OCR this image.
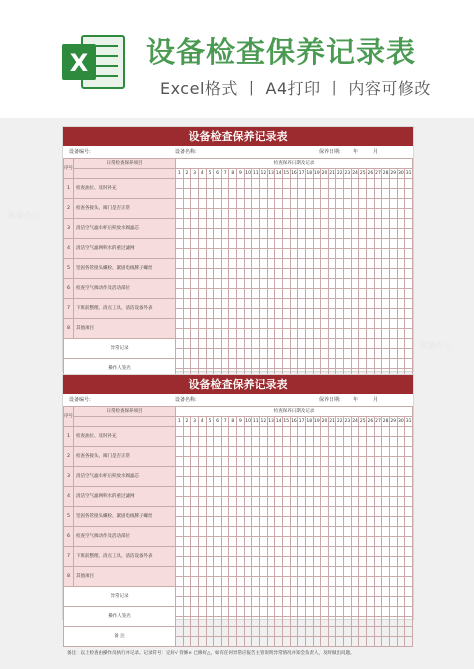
X 设备检查保养记录表
Excel格式 丨 A4打印 丨 内容可修改
熊猫办公
熊猫办公
设备检查保养记录表
设备编号:	设备名称:	保养日期: 年	月
序号	日常检查保养项目	检查保养日期及记录																														
		1	2	3	4	5	6	7	8	9	10	11	12	13	14	15	16	17	18	19	20	21	22	23	24	25	26	27	28	29	30	31
1	检查油位、及时补充																															

2	检查各接头、阀门是否正常																															

3	清洁空气滤水杯后积放水阀滤芯																															

4	清洁空气滤网积水的重过滤网																															

5	坚固各管接头螺栓、紧固电线牌子螺丝																															

6	检查空气阀动作及活动部位																															

7	下班前整理、清点工具、清洁设备外表																															

8	其他项目																															

异常记录																																

操作人签名																																

设备检查保养记录表
设备编号:	设备名称:	保养日期: 年	月
序号	日常检查保养项目	检查保养日期及记录																														
		1	2	3	4	5	6	7	8	9	10	11	12	13	14	15	16	17	18	19	20	21	22	23	24	25	26	27	28	29	30	31
1	检查油位、及时补充																															

2	检查各接头、阀门是否正常																															

3	清洁空气滤水杯后积放水阀滤芯																															

4	清洁空气滤网积水的重过滤网																															

5	坚固各管接头螺栓、紧固电线牌子螺丝																															

6	检查空气阀动作及活动部位																															

7	下班前整理、清点工具、清洁设备外表																															

8	其他项目																															

异常记录																																

操作人签名																																

备 注																																

备注：以上检查由操作员执行并记录。记录符号：完好√ 待修× 已修好△，如有任何异常应报告主管说明异常情况并知会负责人，及时做出问题。
